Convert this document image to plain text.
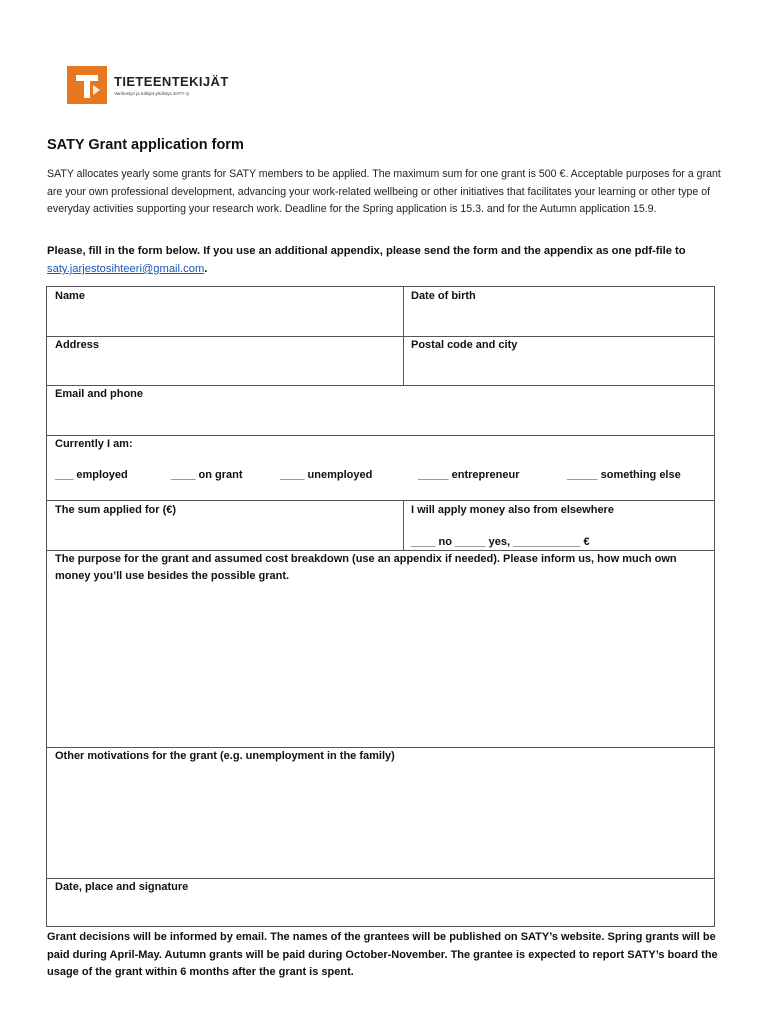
TIETEENTEKIJÄT
Vanhustyö ja tutkijat-yhdistys SATY ry
SATY Grant application form
SATY allocates yearly some grants for SATY members to be applied. The maximum sum for one grant is 500 €. Acceptable purposes for a grant are your own professional development, advancing your work-related wellbeing or other initiatives that facilitates your learning or other type of everyday activities supporting your research work. Deadline for the Spring application is 15.3. and for the Autumn application 15.9.
Please, fill in the form below. If you use an additional appendix, please send the form and the appendix as one pdf-file to saty.jarjestosihteeri@gmail.com.
Name	Date of birth
Address	Postal code and city
Email and phone
Currently I am:
___ employed	____ on grant	____ unemployed	_____ entrepreneur	_____ something else
The sum applied for (€)	I will apply money also from elsewhere
____ no _____ yes, ___________ €
The purpose for the grant and assumed cost breakdown (use an appendix if needed). Please inform us, how much own money you’ll use besides the possible grant.
Other motivations for the grant (e.g. unemployment in the family)
Date, place and signature
Grant decisions will be informed by email. The names of the grantees will be published on SATY’s website. Spring grants will be paid during April-May. Autumn grants will be paid during October-November. The grantee is expected to report SATY’s board the usage of the grant within 6 months after the grant is spent.
